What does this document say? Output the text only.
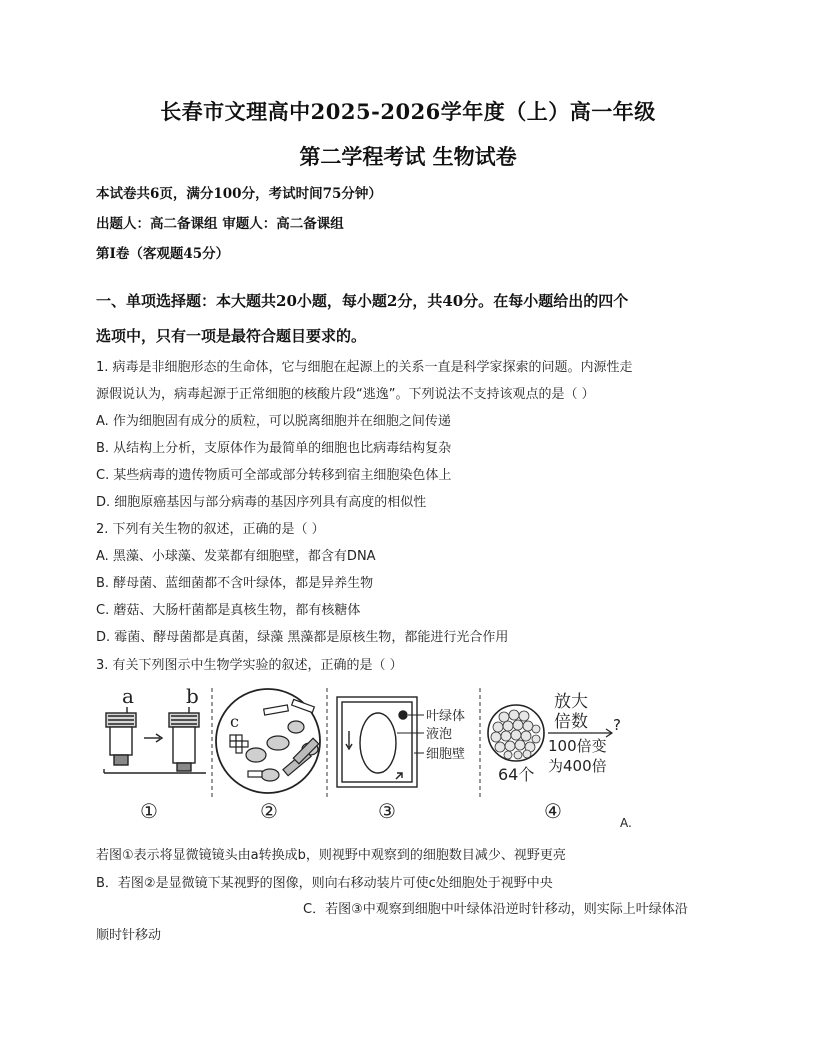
长春市文理高中2025-2026学年度（上）高一年级
第二学程考试 生物试卷
本试卷共6页，满分100分，考试时间75分钟）
出题人：高二备课组 审题人：高二备课组
第Ⅰ卷（客观题45分）
一、单项选择题：本大题共20小题，每小题2分，共40分。在每小题给出的四个
选项中，只有一项是最符合题目要求的。
1. 病毒是非细胞形态的生命体，它与细胞在起源上的关系一直是科学家探索的问题。内源性走
源假说认为，病毒起源于正常细胞的核酸片段“逃逸”。下列说法不支持该观点的是（ ）
A. 作为细胞固有成分的质粒，可以脱离细胞并在细胞之间传递
B. 从结构上分析，支原体作为最简单的细胞也比病毒结构复杂
C. 某些病毒的遗传物质可全部或部分转移到宿主细胞染色体上
D. 细胞原癌基因与部分病毒的基因序列具有高度的相似性
2. 下列有关生物的叙述，正确的是（ ）
A. 黑藻、小球藻、发菜都有细胞壁，都含有DNA
B. 酵母菌、蓝细菌都不含叶绿体，都是异养生物
C. 蘑菇、大肠杆菌都是真核生物，都有核糖体
D. 霉菌、酵母菌都是真菌，绿藻 黑藻都是原核生物，都能进行光合作用
3. 有关下列图示中生物学实验的叙述，正确的是（ ）
a	b
①
c
②
叶绿体
液泡
细胞壁
③
放大
倍数 ?
100倍变
为400倍
64个
④	A.
若图①表示将显微镜镜头由a转换成b，则视野中观察到的细胞数目减少、视野更亮
B．若图②是显微镜下某视野的图像，则向右移动装片可使c处细胞处于视野中央
C．若图③中观察到细胞中叶绿体沿逆时针移动，则实际上叶绿体沿
顺时针移动
